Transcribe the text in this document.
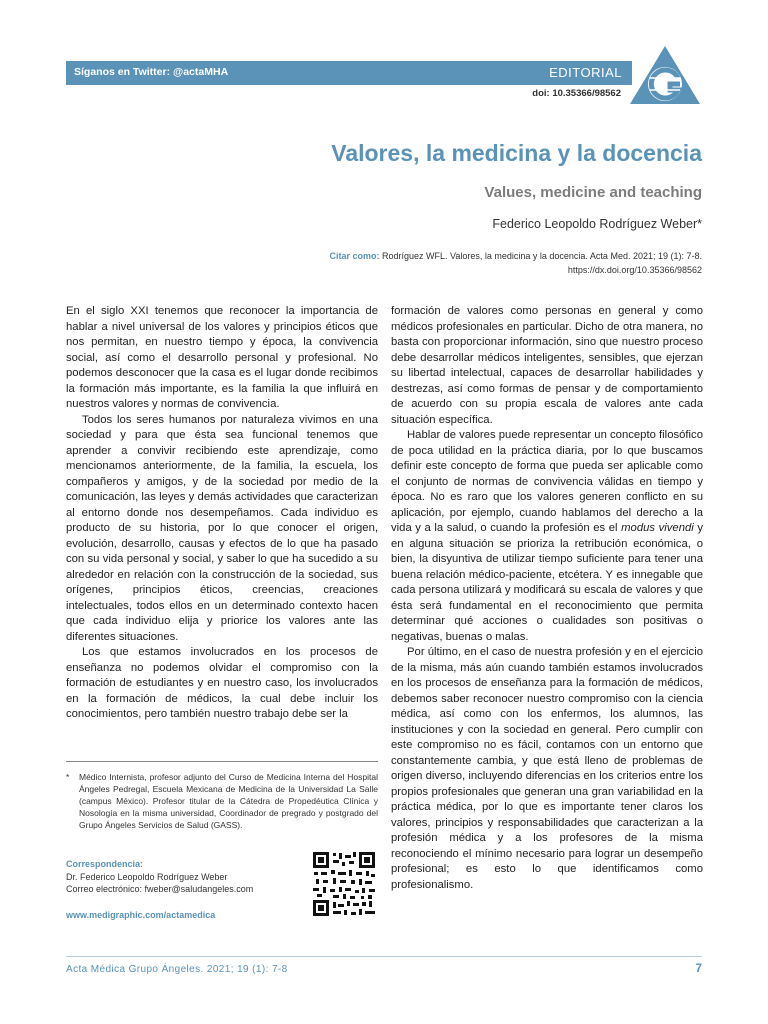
Síganos en Twitter: @actaMHA	EDITORIAL
doi: 10.35366/98562
Valores, la medicina y la docencia
Values, medicine and teaching
Federico Leopoldo Rodríguez Weber*
Citar como: Rodríguez WFL. Valores, la medicina y la docencia. Acta Med. 2021; 19 (1): 7-8. https://dx.doi.org/10.35366/98562

En el siglo XXI tenemos que reconocer la importancia de hablar a nivel universal de los valores y principios éticos que nos permitan, en nuestro tiempo y época, la convivencia social, así como el desarrollo personal y profesional. No podemos desconocer que la casa es el lugar donde recibimos la formación más importante, es la familia la que influirá en nuestros valores y normas de convivencia.

Todos los seres humanos por naturaleza vivimos en una sociedad y para que ésta sea funcional tenemos que aprender a convivir recibiendo este aprendizaje, como mencionamos anteriormente, de la familia, la escuela, los compañeros y amigos, y de la sociedad por medio de la comunicación, las leyes y demás actividades que caracterizan al entorno donde nos desempeñamos. Cada individuo es producto de su historia, por lo que conocer el origen, evolución, desarrollo, causas y efectos de lo que ha pasado con su vida personal y social, y saber lo que ha sucedido a su alrededor en relación con la construcción de la sociedad, sus orígenes, principios éticos, creencias, creaciones intelectuales, todos ellos en un determinado contexto hacen que cada individuo elija y priorice los valores ante las diferentes situaciones.

Los que estamos involucrados en los procesos de enseñanza no podemos olvidar el compromiso con la formación de estudiantes y en nuestro caso, los involucrados en la formación de médicos, la cual debe incluir los conocimientos, pero también nuestro trabajo debe ser la

formación de valores como personas en general y como médicos profesionales en particular. Dicho de otra manera, no basta con proporcionar información, sino que nuestro proceso debe desarrollar médicos inteligentes, sensibles, que ejerzan su libertad intelectual, capaces de desarrollar habilidades y destrezas, así como formas de pensar y de comportamiento de acuerdo con su propia escala de valores ante cada situación específica.

Hablar de valores puede representar un concepto filosófico de poca utilidad en la práctica diaria, por lo que buscamos definir este concepto de forma que pueda ser aplicable como el conjunto de normas de convivencia válidas en tiempo y época. No es raro que los valores generen conflicto en su aplicación, por ejemplo, cuando hablamos del derecho a la vida y a la salud, o cuando la profesión es el modus vivendi y en alguna situación se prioriza la retribución económica, o bien, la disyuntiva de utilizar tiempo suficiente para tener una buena relación médico-paciente, etcétera. Y es innegable que cada persona utilizará y modificará su escala de valores y que ésta será fundamental en el reconocimiento que permita determinar qué acciones o cualidades son positivas o negativas, buenas o malas.

Por último, en el caso de nuestra profesión y en el ejercicio de la misma, más aún cuando también estamos involucrados en los procesos de enseñanza para la formación de médicos, debemos saber reconocer nuestro compromiso con la ciencia médica, así como con los enfermos, los alumnos, las instituciones y con la sociedad en general. Pero cumplir con este compromiso no es fácil, contamos con un entorno que constantemente cambia, y que está lleno de problemas de origen diverso, incluyendo diferencias en los criterios entre los propios profesionales que generan una gran variabilidad en la práctica médica, por lo que es importante tener claros los valores, principios y responsabilidades que caracterizan a la profesión médica y a los profesores de la misma reconociendo el mínimo necesario para lograr un desempeño profesional; es esto lo que identificamos como profesionalismo.

*	Médico Internista, profesor adjunto del Curso de Medicina Interna del Hospital Ángeles Pedregal, Escuela Mexicana de Medicina de la Universidad La Salle (campus México). Profesor titular de la Cátedra de Propedéutica Clínica y Nosología en la misma universidad, Coordinador de pregrado y postgrado del Grupo Ángeles Servicios de Salud (GASS).
Correspondencia:
Dr. Federico Leopoldo Rodríguez Weber
Correo electrónico: fweber@saludangeles.com
www.medigraphic.com/actamedica
Acta Médica Grupo Ángeles. 2021; 19 (1): 7-8	7
